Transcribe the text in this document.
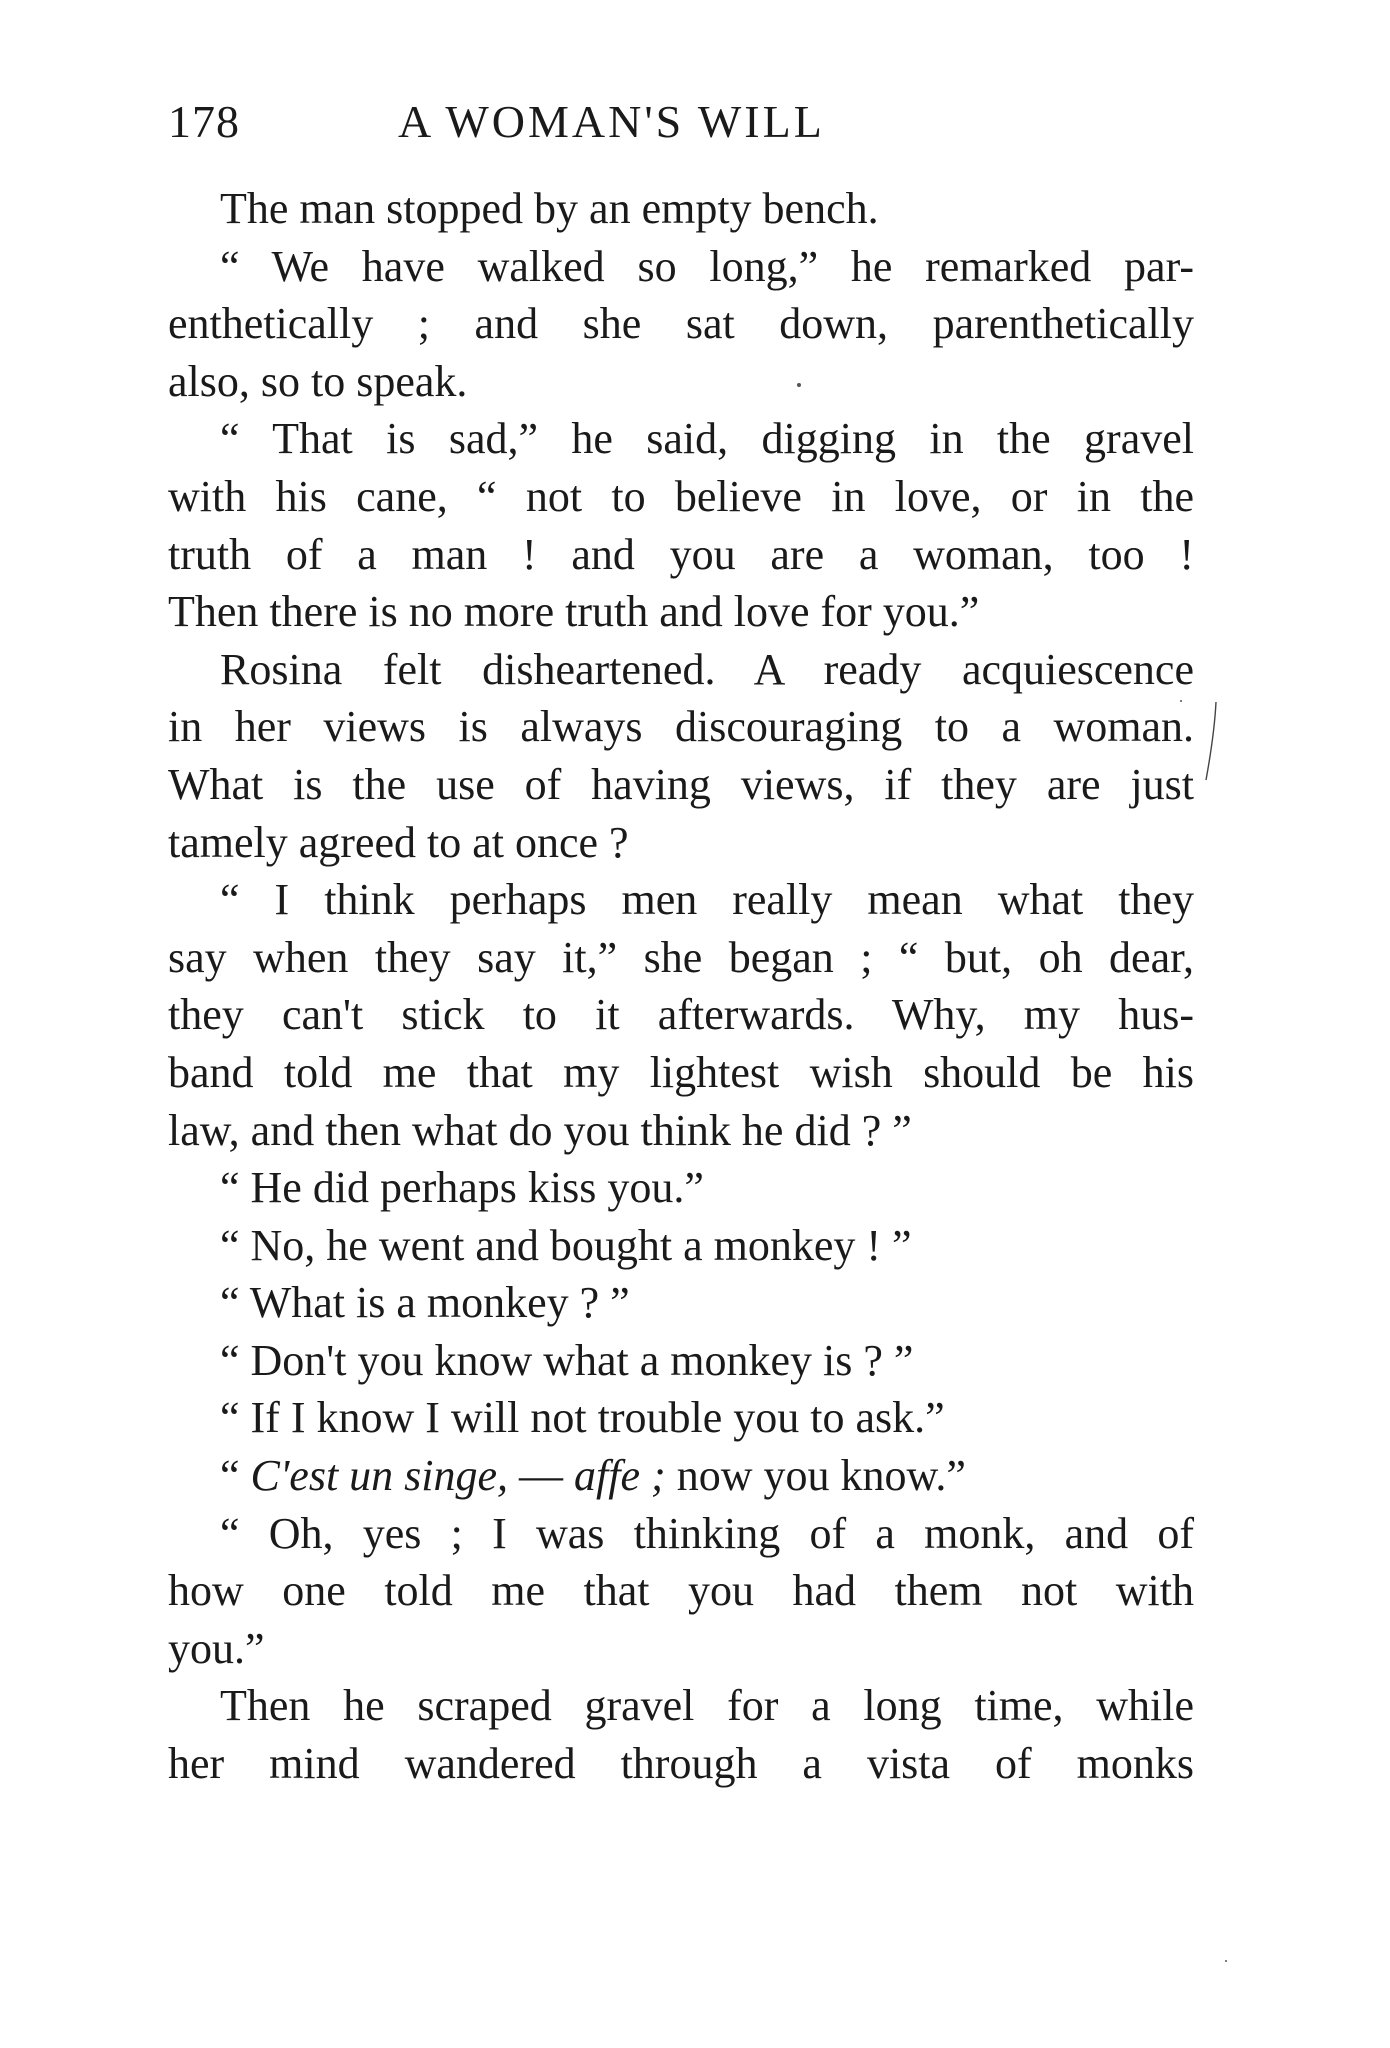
178	A WOMAN'S WILL
The man stopped by an empty bench.
“ We have walked so long,” he remarked par-
enthetically ; and she sat down, parenthetically
also, so to speak.
“ That is sad,” he said, digging in the gravel
with his cane, “ not to believe in love, or in the
truth of a man ! and you are a woman, too !
Then there is no more truth and love for you.”
Rosina felt disheartened. A ready acquiescence
in her views is always discouraging to a woman.
What is the use of having views, if they are just
tamely agreed to at once ?
“ I think perhaps men really mean what they
say when they say it,” she began ; “ but, oh dear,
they can't stick to it afterwards. Why, my hus-
band told me that my lightest wish should be his
law, and then what do you think he did ? ”
“ He did perhaps kiss you.”
“ No, he went and bought a monkey ! ”
“ What is a monkey ? ”
“ Don't you know what a monkey is ? ”
“ If I know I will not trouble you to ask.”
“ C'est un singe, — affe ; now you know.”
“ Oh, yes ; I was thinking of a monk, and of
how one told me that you had them not with
you.”
Then he scraped gravel for a long time, while
her mind wandered through a vista of monks
